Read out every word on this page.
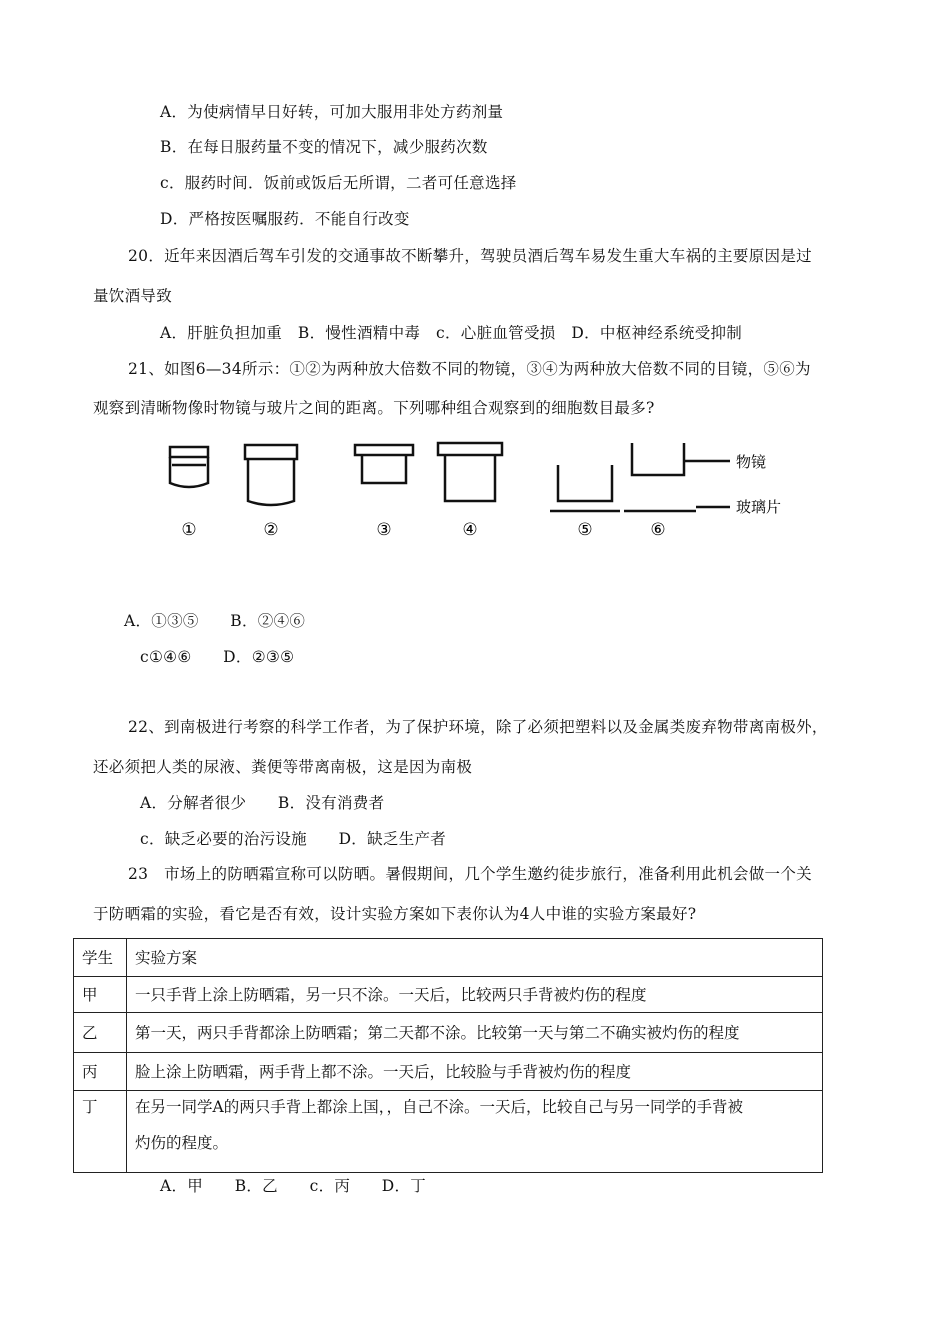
A．为使病情早日好转，可加大服用非处方药剂量
B．在每日服药量不变的情况下，减少服药次数
c．服药时间．饭前或饭后无所谓，二者可任意选择
D．严格按医嘱服药．不能自行改变
20．近年来因酒后驾车引发的交通事故不断攀升，驾驶员酒后驾车易发生重大车祸的主要原因是过
量饮酒导致
A．肝脏负担加重　B．慢性酒精中毒　c．心脏血管受损　D．中枢神经系统受抑制
21、如图6—34所示：①②为两种放大倍数不同的物镜，③④为两种放大倍数不同的目镜，⑤⑥为
观察到清晰物像时物镜与玻片之间的距离。下列哪种组合观察到的细胞数目最多?
物镜
玻璃片
①	②	③	④	⑤	⑥
A．①③⑤　　B．②④⑥
c①④⑥　　D．②③⑤
22、到南极进行考察的科学工作者，为了保护环境，除了必须把塑料以及金属类废弃物带离南极外，
还必须把人类的尿液、粪便等带离南极，这是因为南极
A．分解者很少　　B．没有消费者
c．缺乏必要的治污设施　　D．缺乏生产者
23　市场上的防晒霜宣称可以防晒。暑假期间，几个学生邀约徒步旅行，准备利用此机会做一个关
于防晒霜的实验，看它是否有效，设计实验方案如下表你认为4人中谁的实验方案最好?
学生	实验方案
甲	一只手背上涂上防晒霜，另一只不涂。一天后，比较两只手背被灼伤的程度
乙	第一天，两只手背都涂上防晒霜；第二天都不涂。比较第一天与第二不确实被灼伤的程度
丙	脸上涂上防晒霜，两手背上都不涂。一天后，比较脸与手背被灼伤的程度
丁	在另一同学A的两只手背上都涂上国，，自己不涂。一天后，比较自己与另一同学的手背被
灼伤的程度。
A．甲　　B．乙　　c．丙　　D．丁
